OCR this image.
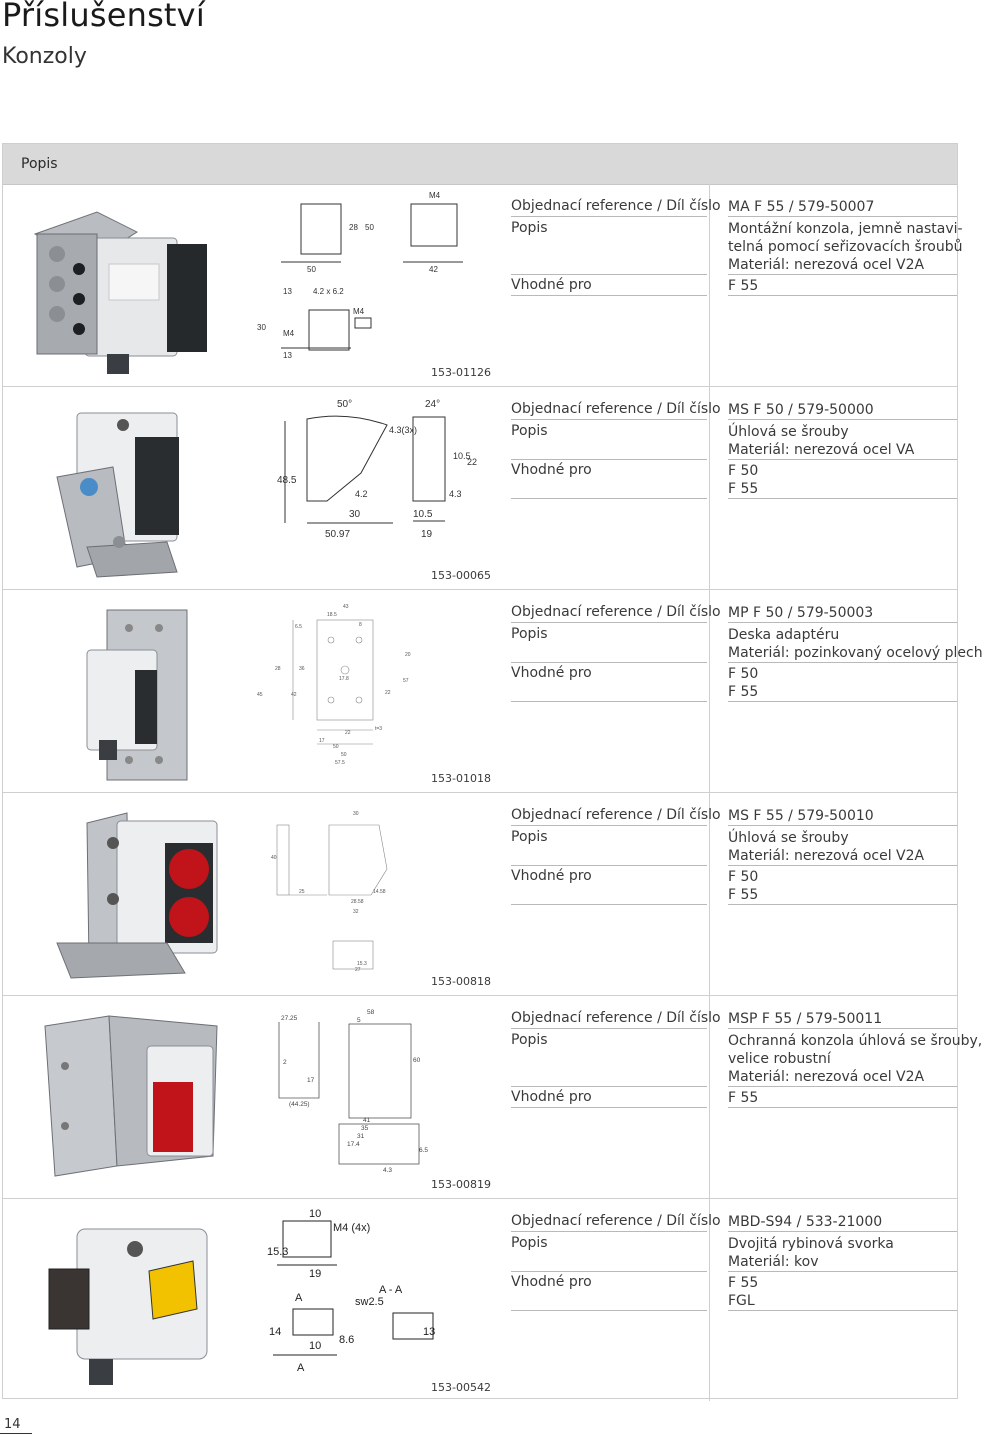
Příslušenství
Konzoly
Popis
M4
50
28 50
42
13	4.2 x 6.2
M4
30
M4
13
153-01126
Objednací reference / Díl číslo MA F 55 / 579-50007
Popis	Montážní konzola, jemně nastavi-
telná pomocí seřizovacích šroubů
Materiál: nerezová ocel V2A
Vhodné pro	F 55
50°	24°
4.3(3x)
48.5
4.2
10.5
22
4.3
30	10.5
50.97	19
153-00065
Objednací reference / Díl číslo MS F 50 / 579-50000
Popis	Úhlová se šrouby
Materiál: nerezová ocel VA
Vhodné pro	F 50
F 55
43
18.5
6.5	8
28	36
17.8
20
22
57
45	42
22
17
50
50
57.5
t=3
153-01018
Objednací reference / Díl číslo MP F 50 / 579-50003
Popis	Deska adaptéru
Materiál: pozinkovaný ocelový plech
Vhodné pro	F 50
F 55
30
40
25	14.58
28.58
32
15.3
27
153-00818
Objednací reference / Díl číslo MS F 55 / 579-50010
Popis	Úhlová se šrouby
Materiál: nerezová ocel V2A
Vhodné pro	F 50
F 55
27.25
58
5
2
17
(44.25)
60
41
35
31
17.4
4.3
6.5
153-00819
Objednací reference / Díl číslo MSP F 55 / 579-50011
Popis	Ochranná konzola úhlová se šrouby,
velice robustní
Materiál: nerezová ocel V2A
Vhodné pro	F 55
10
M4 (4x)
15.3
19
A
A - A
sw2.5
14
10 8.6
13
A
153-00542
Objednací reference / Díl číslo MBD-S94 / 533-21000
Popis	Dvojitá rybinová svorka
Materiál: kov
Vhodné pro	F 55
FGL
14
